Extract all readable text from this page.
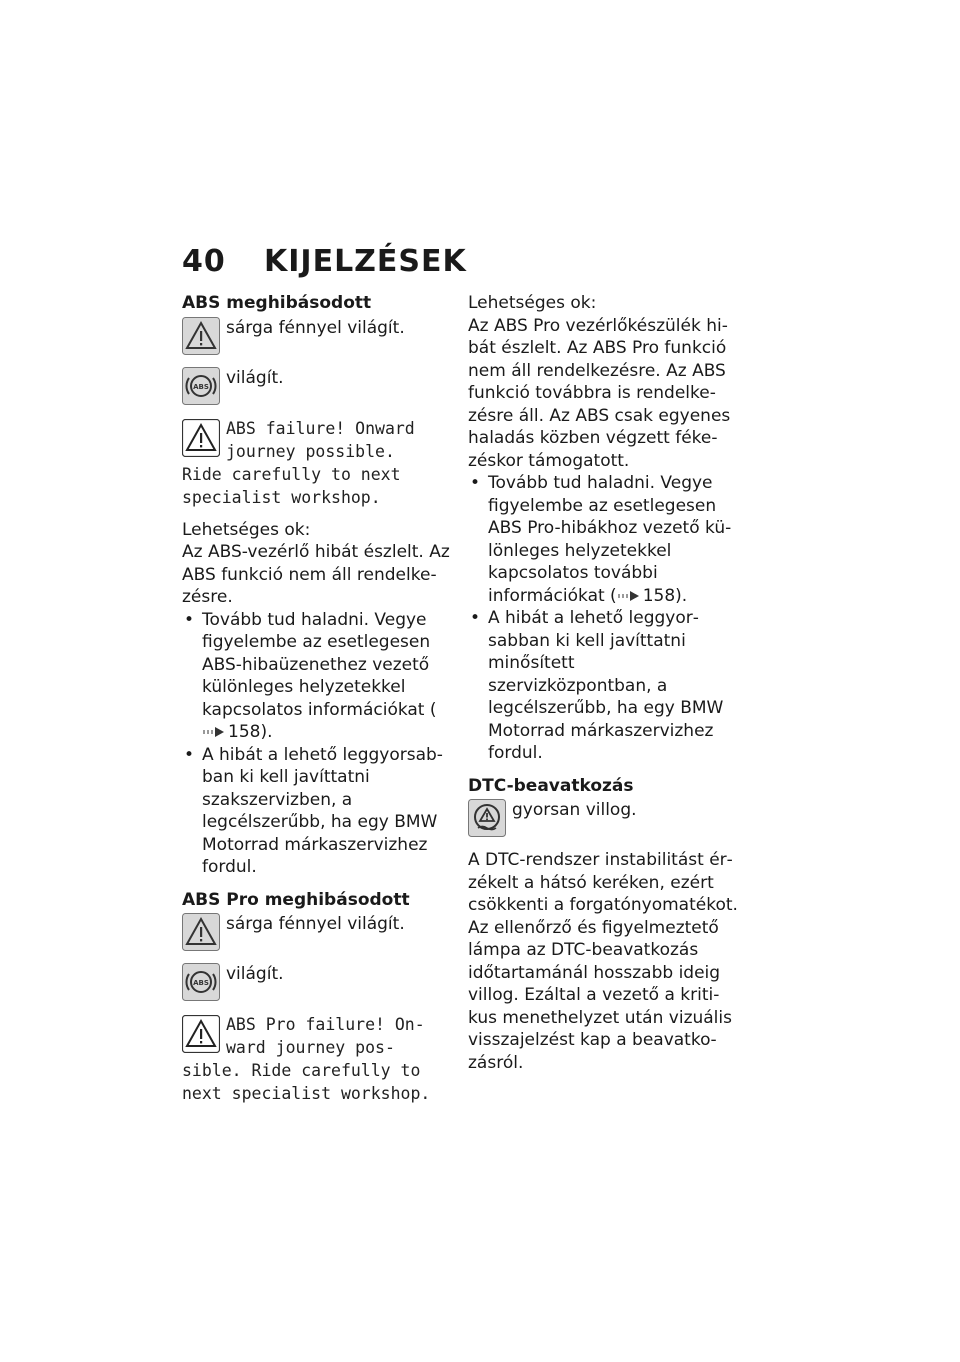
40 KIJELZÉSEK
ABS meghibásodott
sárga fénnyel világít.
ABS világít.
ABS failure! Onward
journey possible.
Ride carefully to next specialist workshop.

Lehetséges ok:

Az ABS-vezérlő hibát észlelt. Az ABS funkció nem áll rendelkezésre.

• Tovább tud haladni. Vegye figyelembe az esetlegesen ABS-hibaüzenethez vezető különleges helyzetekkel kapcsolatos információkat (158).
• A hibát a lehető leggyorsabban ki kell javíttatni szakszervizben, a legcélszerűbb, ha egy BMW Motorrad márkaszervizhez fordul.
ABS Pro meghibásodott
sárga fénnyel világít.
ABS világít.
ABS Pro failure! On-
ward journey pos-
sible. Ride carefully to next specialist workshop.

Lehetséges ok:

Az ABS Pro vezérlőkészülék hibát észlelt. Az ABS Pro funkció nem áll rendelkezésre. Az ABS funkció továbbra is rendelkezésre áll. Az ABS csak egyenes haladás közben végzett fékezéskor támogatott.

• Tovább tud haladni. Vegye figyelembe az esetlegesen ABS Pro-hibákhoz vezető különleges helyzetekkel kapcsolatos további információkat ( 158).
• A hibát a lehető leggyorsabban ki kell javíttatni minősített szervizközpontban, a legcélszerűbb, ha egy BMW Motorrad márkaszervizhez fordul.
DTC-beavatkozás
gyorsan villog.

A DTC-rendszer instabilitást érzékelt a hátsó keréken, ezért csökkenti a forgatónyomatékot. Az ellenőrző és figyelmeztető lámpa az DTC-beavatkozás időtartamánál hosszabb ideig villog. Ezáltal a vezető a kritikus menethelyzet után vizuális visszajelzést kap a beavatkozásról.
